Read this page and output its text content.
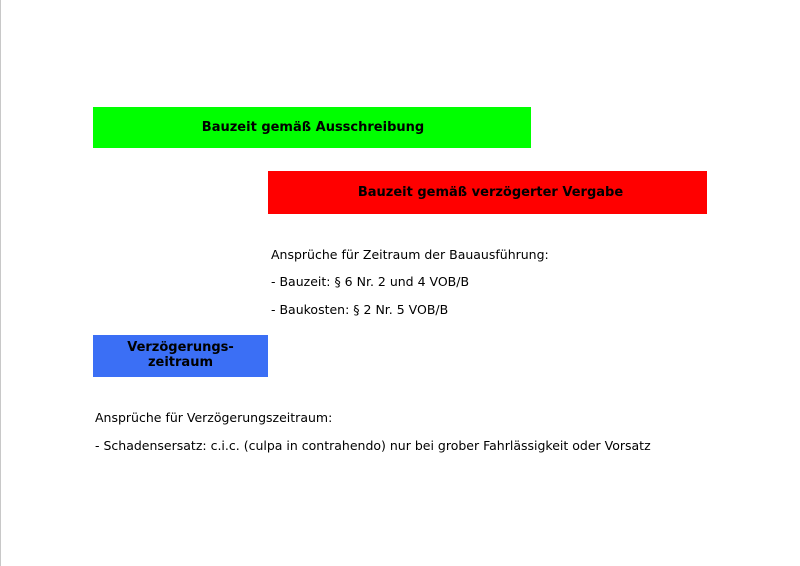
Bauzeit gemäß Ausschreibung
Bauzeit gemäß verzögerter Vergabe
Verzögerungs-
zeitraum
Ansprüche für Zeitraum der Bauausführung:
- Bauzeit: § 6 Nr. 2 und 4 VOB/B
- Baukosten: § 2 Nr. 5 VOB/B
Ansprüche für Verzögerungszeitraum:
- Schadensersatz: c.i.c. (culpa in contrahendo) nur bei grober Fahrlässigkeit oder Vorsatz
